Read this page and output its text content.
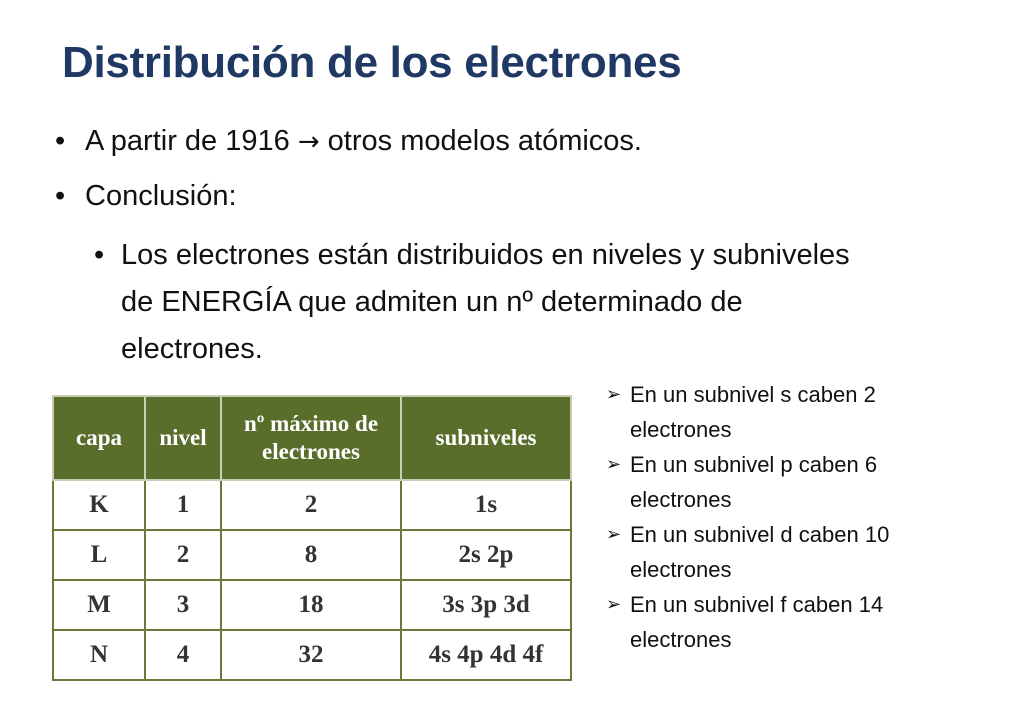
Distribución de los electrones
• A partir de 1916 → otros modelos atómicos.
• Conclusión:
• Los electrones están distribuidos en niveles y subniveles
de ENERGÍA que admiten un nº determinado de
electrones.
capa	nivel	nº máximo de electrones	subniveles
K	1	2	1s
L	2	8	2s 2p
M	3	18	3s 3p 3d
N	4	32	4s 4p 4d 4f
➢ En un subnivel s caben 2
electrones
➢ En un subnivel p caben 6
electrones
➢ En un subnivel d caben 10
electrones
➢ En un subnivel f caben 14
electrones
